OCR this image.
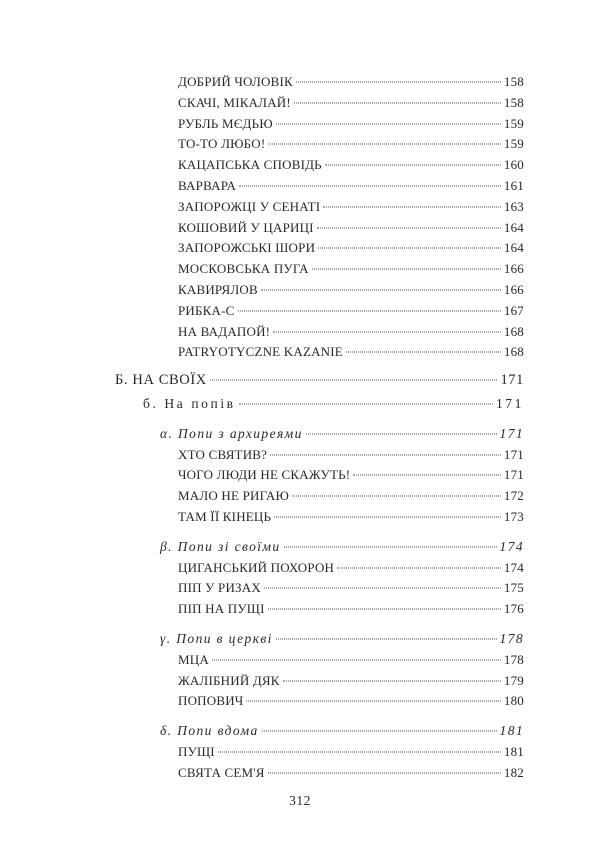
ДОБРИЙ ЧОЛОВІК	158
СКАЧІ, МІКАЛАЙ!	158
РУБЛЬ МЄДЬЮ	159
ТО-ТО ЛЮБО!	159
КАЦАПСЬКА СПОВІДЬ	160
ВАРВАРА	161
ЗАПОРОЖЦІ У СЕНАТІ	163
КОШОВИЙ У ЦАРИЦІ	164
ЗАПОРОЖСЬКІ ШОРИ	164
МОСКОВСЬКА ПУГА	166
КАВИРЯЛОВ	166
РИБКА-С	167
НА ВАДАПОЙ!	168
PATRYOTYCZNE KAZANIE	168
Б. НА СВОЇХ	171
б. На попів	171
α. Попи з архиреями	171
ХТО СВЯТИВ?	171
ЧОГО ЛЮДИ НЕ СКАЖУТЬ!	171
МАЛО НЕ РИГАЮ	172
ТАМ ЇЇ КІНЕЦЬ	173
β. Попи зі своїми	174
ЦИГАНСЬКИЙ ПОХОРОН	174
ПІП У РИЗАХ	175
ПІП НА ПУЩІ	176
γ. Попи в церкві	178
МЦА	178
ЖАЛІБНИЙ ДЯК	179
ПОПОВИЧ	180
δ. Попи вдома	181
ПУЩІ	181
СВЯТА СЕМ'Я	182
312
